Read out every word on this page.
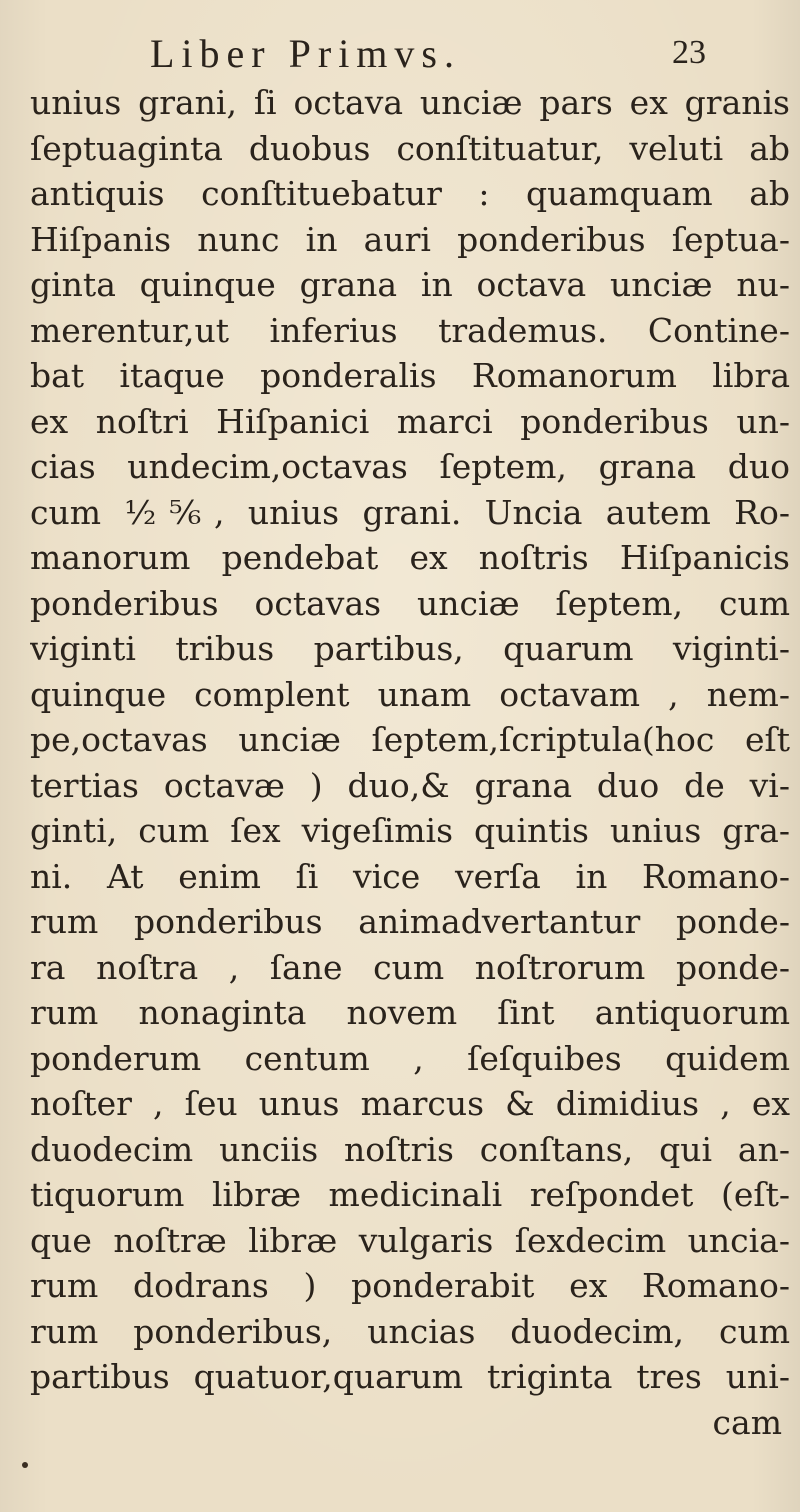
Liber Primvs.	23
unius grani, ſi octava unciæ pars ex granis
ſeptuaginta duobus conſtituatur, veluti ab
antiquis conſtituebatur : quamquam ab
Hiſpanis nunc in auri ponderibus ſeptua-
ginta quinque grana in octava unciæ nu-
merentur,ut inferius trademus. Contine-
bat itaque ponderalis Romanorum libra
ex noſtri Hiſpanici marci ponderibus un-
cias undecim,octavas ſeptem, grana duo
cum ½⅚, unius grani. Uncia autem Ro-
manorum pendebat ex noſtris Hiſpanicis
ponderibus octavas unciæ ſeptem, cum
viginti tribus partibus, quarum viginti-
quinque complent unam octavam , nem-
pe,octavas unciæ ſeptem,ſcriptula(hoc eſt
tertias octavæ ) duo,& grana duo de vi-
ginti, cum ſex vigeſimis quintis unius gra-
ni. At enim ſi vice verſa in Romano-
rum ponderibus animadvertantur ponde-
ra noſtra , ſane cum noſtrorum ponde-
rum nonaginta novem ſint antiquorum
ponderum centum , ſeſquibes quidem
noſter , ſeu unus marcus & dimidius , ex
duodecim unciis noſtris conſtans, qui an-
tiquorum libræ medicinali reſpondet (eſt-
que noſtræ libræ vulgaris ſexdecim uncia-
rum dodrans ) ponderabit ex Romano-
rum ponderibus, uncias duodecim, cum
partibus quatuor,quarum triginta tres uni-
cam
